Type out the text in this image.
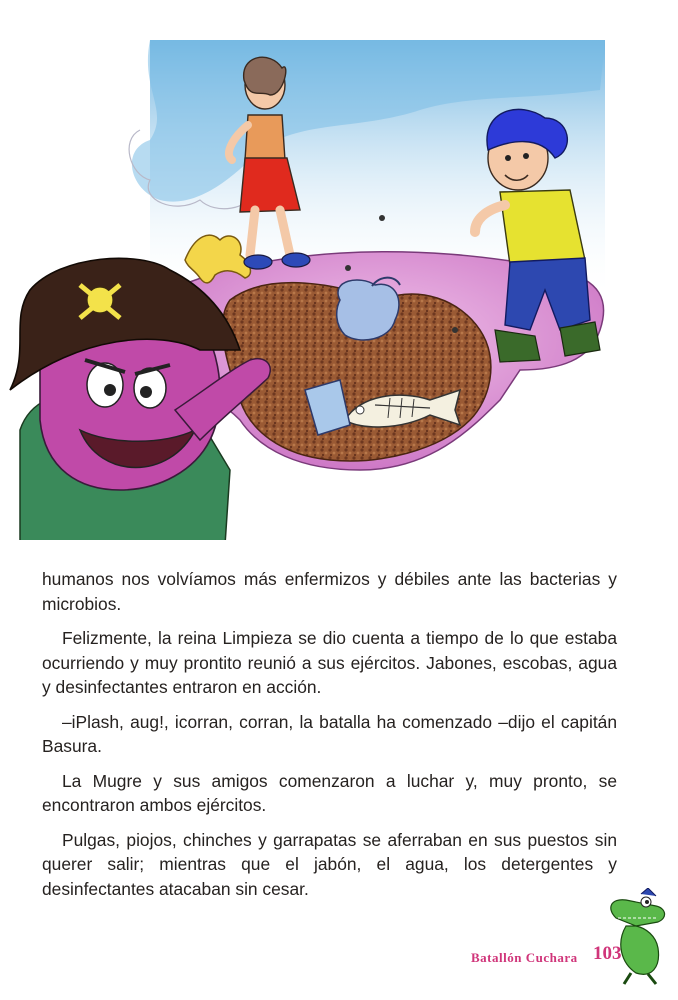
humanos nos volvíamos más enfermizos y débiles ante las bacterias y microbios.

Felizmente, la reina Limpieza se dio cuenta a tiempo de lo que estaba ocurriendo y muy prontito reunió a sus ejércitos. Jabones, escobas, agua y desinfectantes entraron en acción.

–iPlash, aug!, icorran, corran, la batalla ha comenzado –dijo el capitán Basura.

La Mugre y sus amigos comenzaron a luchar y, muy pronto, se encontraron ambos ejércitos.

Pulgas, piojos, chinches y garrapatas se aferraban en sus puestos sin querer salir; mientras que el jabón, el agua, los detergentes y desinfectantes atacaban sin cesar.

Batallón Cuchara 103
